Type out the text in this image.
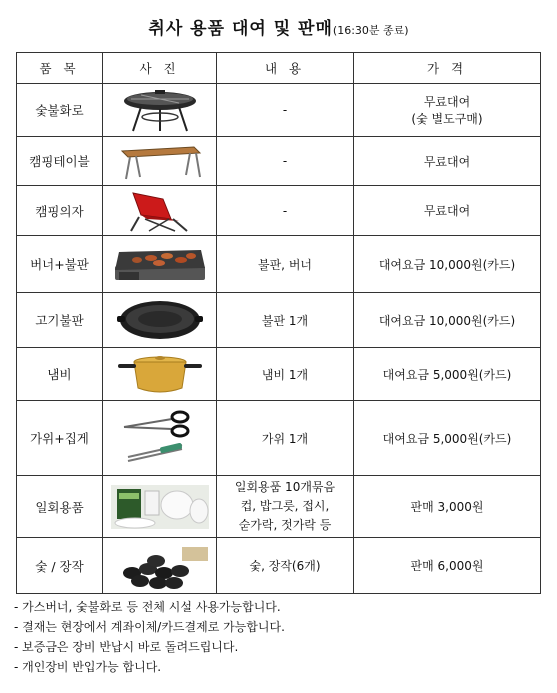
취사 용품 대여 및 판매(16:30분 종료)
품 목	사 진	내 용	가 격
숯불화로		-	무료대여
(숯 별도구매)

캠핑테이블		-	무료대여
캠핑의자		-	무료대여
버너+불판		불판, 버너	대여요금 10,000원(카드)
고기불판		불판 1개	대여요금 10,000원(카드)
냄비		냄비 1개	대여요금 5,000원(카드)
가위+집게		가위 1개	대여요금 5,000원(카드)
일회용품		일회용품 10개묶음
컵, 밥그릇, 접시,
숟가락, 젓가락 등	판매 3,000원
숯 / 장작		숯, 장작(6개)	판매 6,000원
- 가스버너, 숯불화로 등 전체 시설 사용가능합니다.
- 결재는 현장에서 계좌이체/카드결제로 가능합니다.
- 보증금은 장비 반납시 바로 돌려드립니다.
- 개인장비 반입가능 합니다.
